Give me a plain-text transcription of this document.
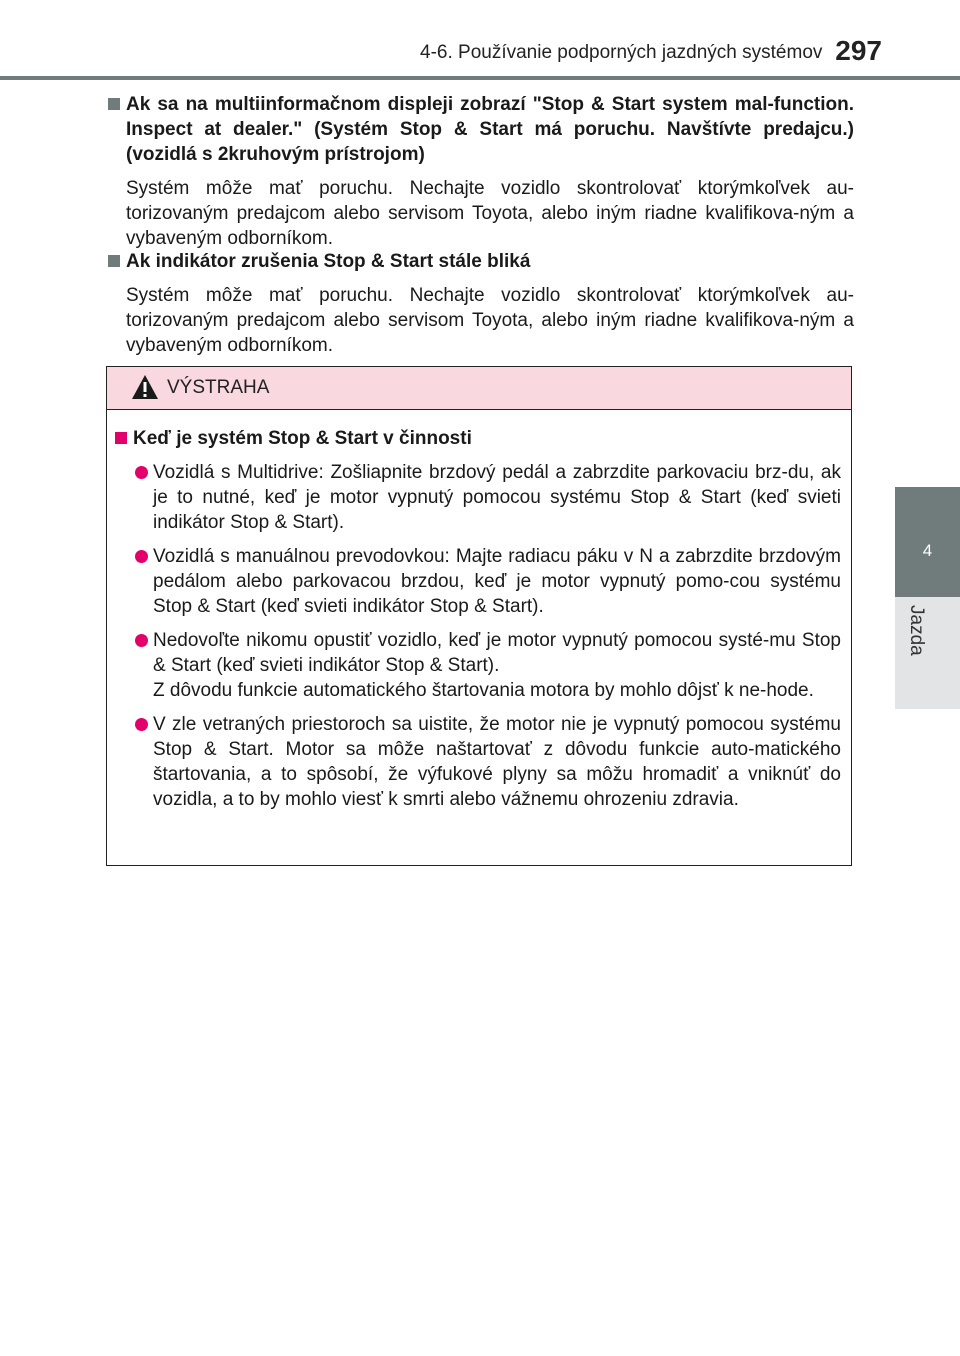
4-6. Používanie podporných jazdných systémov 297
4
Jazda
Ak sa na multiinformačnom displeji zobrazí "Stop & Start system mal-function. Inspect at dealer." (Systém Stop & Start má poruchu. Navštívte predajcu.) (vozidlá s 2kruhovým prístrojom)
Systém môže mať poruchu. Nechajte vozidlo skontrolovať ktorýmkoľvek au-torizovaným predajcom alebo servisom Toyota, alebo iným riadne kvalifikova-ným a vybaveným odborníkom.
Ak indikátor zrušenia Stop & Start stále bliká
Systém môže mať poruchu. Nechajte vozidlo skontrolovať ktorýmkoľvek au-torizovaným predajcom alebo servisom Toyota, alebo iným riadne kvalifikova-ným a vybaveným odborníkom.
VÝSTRAHA
Keď je systém Stop & Start v činnosti
Vozidlá s Multidrive: Zošliapnite brzdový pedál a zabrzdite parkovaciu brz-du, ak je to nutné, keď je motor vypnutý pomocou systému Stop & Start (keď svieti indikátor Stop & Start).
Vozidlá s manuálnou prevodovkou: Majte radiacu páku v N a zabrzdite brzdovým pedálom alebo parkovacou brzdou, keď je motor vypnutý pomo-cou systému Stop & Start (keď svieti indikátor Stop & Start).
Nedovoľte nikomu opustiť vozidlo, keď je motor vypnutý pomocou systé-mu Stop & Start (keď svieti indikátor Stop & Start).
Z dôvodu funkcie automatického štartovania motora by mohlo dôjsť k ne-hode.
V zle vetraných priestoroch sa uistite, že motor nie je vypnutý pomocou systému Stop & Start. Motor sa môže naštartovať z dôvodu funkcie auto-matického štartovania, a to spôsobí, že výfukové plyny sa môžu hromadiť a vniknúť do vozidla, a to by mohlo viesť k smrti alebo vážnemu ohrozeniu zdravia.
